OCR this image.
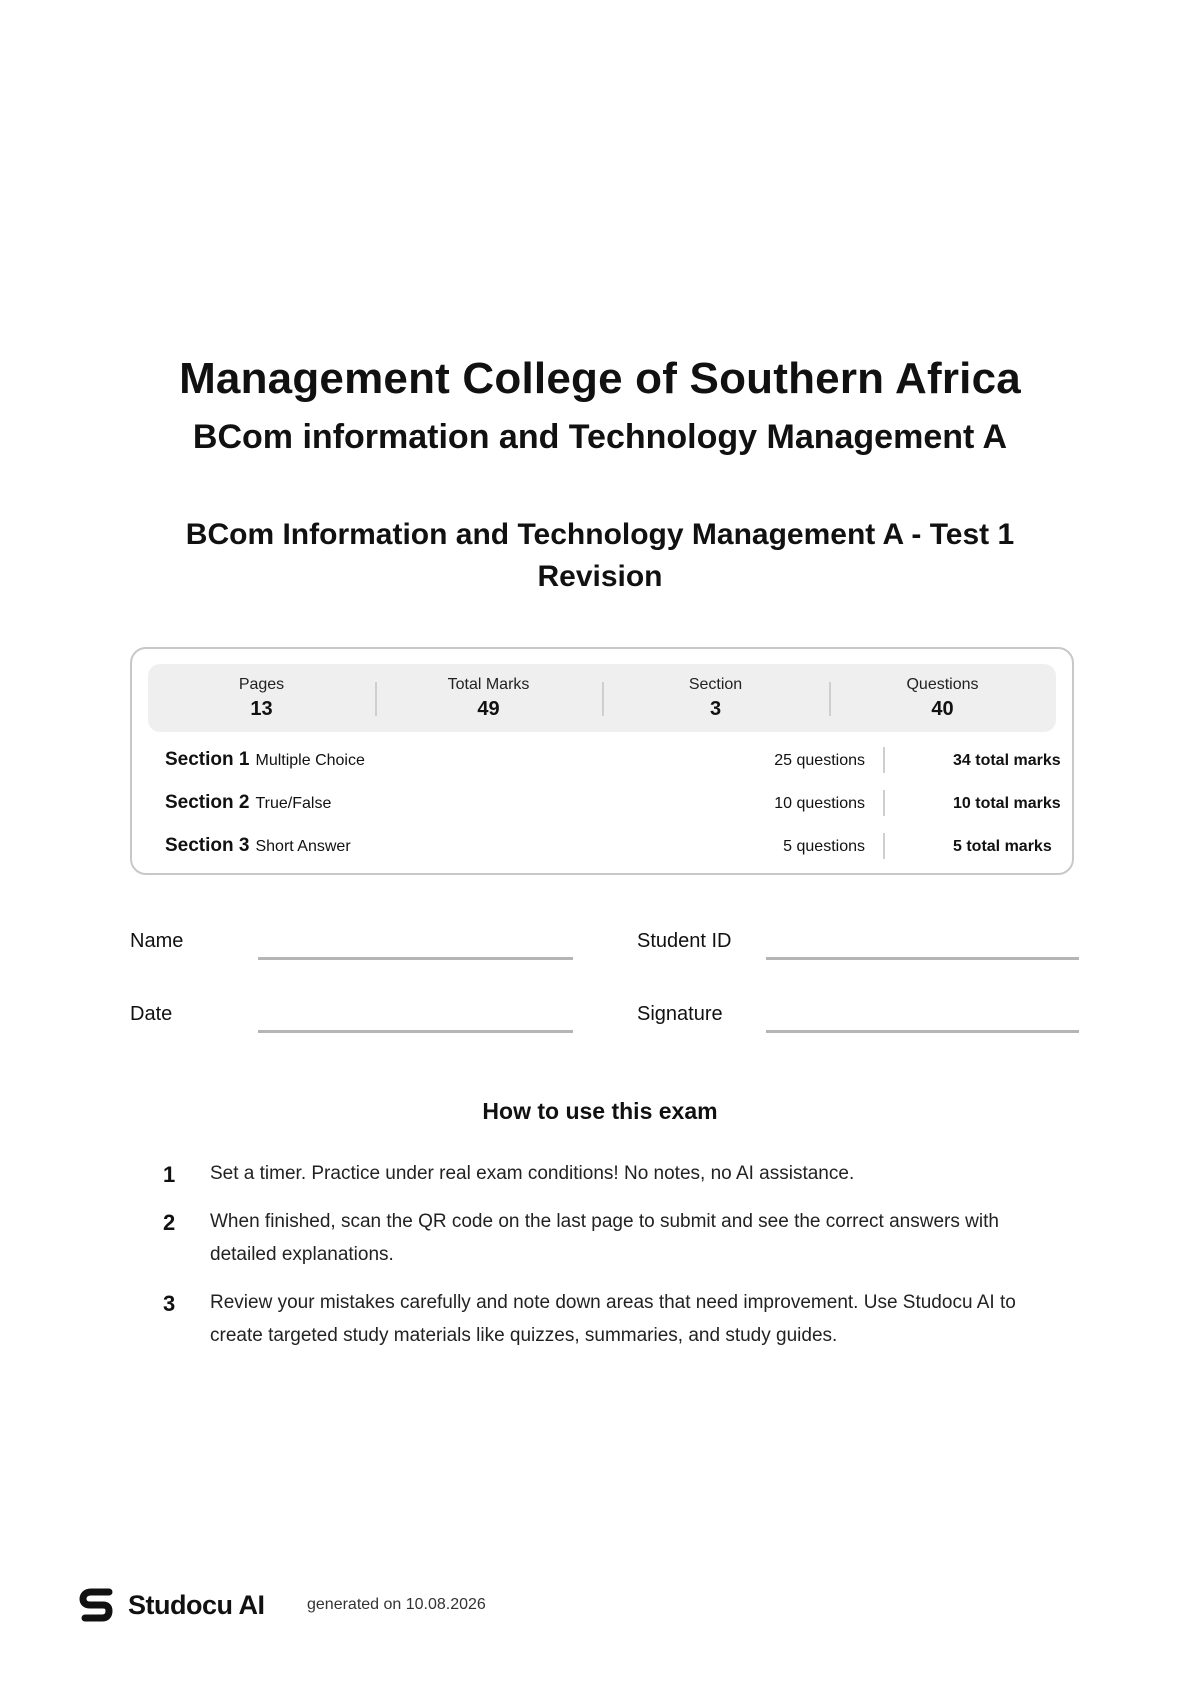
Management College of Southern Africa
BCom information and Technology Management A
BCom Information and Technology Management A - Test 1 Revision
Pages
13
Total Marks
49
Section
3
Questions
40
Section 1 Multiple Choice	25 questions	34 total marks
Section 2 True/False	10 questions	10 total marks
Section 3 Short Answer	5 questions	5 total marks
Name	Student ID
Date	Signature
How to use this exam
1 Set a timer. Practice under real exam conditions! No notes, no AI assistance.
2 When finished, scan the QR code on the last page to submit and see the correct answers with detailed explanations.
3 Review your mistakes carefully and note down areas that need improvement. Use Studocu AI to create targeted study materials like quizzes, summaries, and study guides.
Studocu AI	generated on 10.08.2026
